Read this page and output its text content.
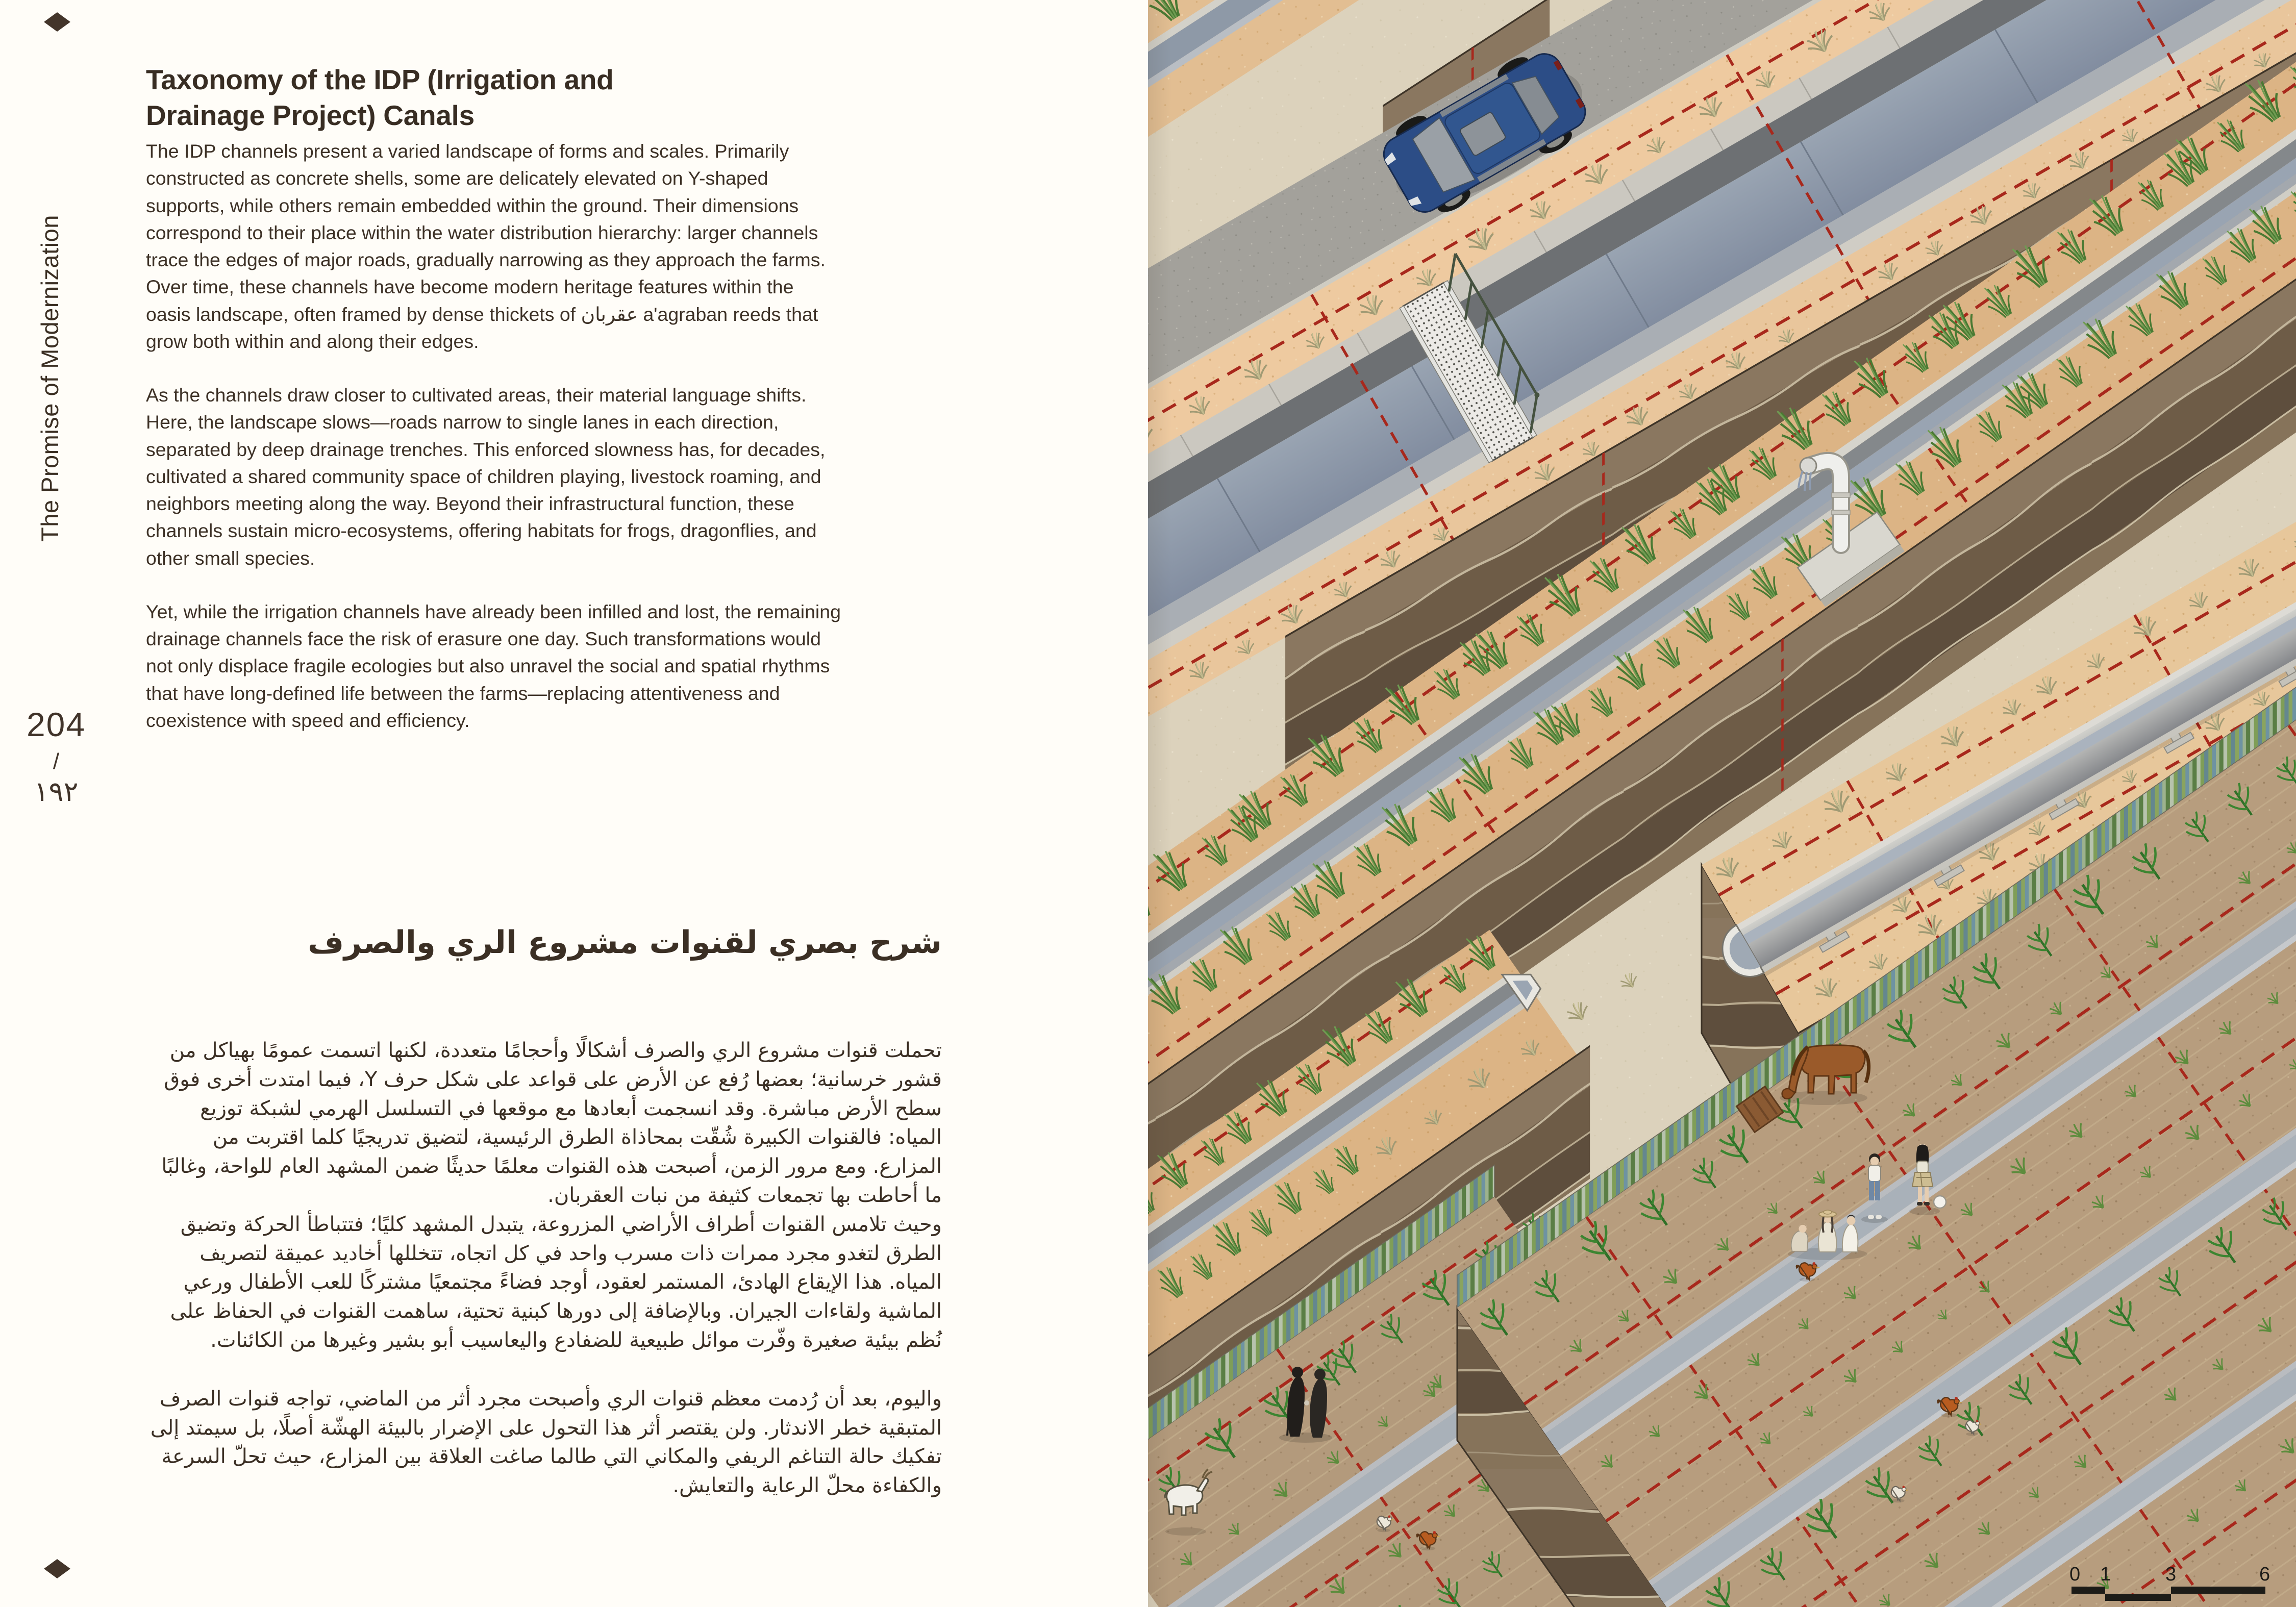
The Promise of Modernization
204
/
١٩٢
Taxonomy of the IDP (Irrigation and Drainage Project) Canals

The IDP channels present a varied landscape of forms and scales. Primarily constructed as concrete shells, some are delicately elevated on Y-shaped supports, while others remain embedded within the ground. Their dimensions correspond to their place within the water distribution hierarchy: larger channels trace the edges of major roads, gradually narrowing as they approach the farms. Over time, these channels have become modern heritage features within the oasis landscape, often framed by dense thickets of عقربان a'agraban reeds that grow both within and along their edges.

As the channels draw closer to cultivated areas, their material language shifts. Here, the landscape slows—roads narrow to single lanes in each direction, separated by deep drainage trenches. This enforced slowness has, for decades, cultivated a shared community space of children playing, livestock roaming, and neighbors meeting along the way. Beyond their infrastructural function, these channels sustain micro-ecosystems, offering habitats for frogs, dragonflies, and other small species.

Yet, while the irrigation channels have already been infilled and lost, the remaining drainage channels face the risk of erasure one day. Such transformations would not only displace fragile ecologies but also unravel the social and spatial rhythms that have long-defined life between the farms—replacing attentiveness and coexistence with speed and efficiency.

شرح بصري لقنوات مشروع الري والصرف

تحملت قنوات مشروع الري والصرف أشكالًا وأحجامًا متعددة، لكنها اتسمت عمومًا بهياكل من قشور خرسانية؛ بعضها رُفع عن الأرض على قواعد على شكل حرف Y، فيما امتدت أخرى فوق سطح الأرض مباشرة. وقد انسجمت أبعادها مع موقعها في التسلسل الهرمي لشبكة توزيع المياه: فالقنوات الكبيرة شُقّت بمحاذاة الطرق الرئيسية، لتضيق تدريجيًا كلما اقتربت من المزارع. ومع مرور الزمن، أصبحت هذه القنوات معلمًا حديثًا ضمن المشهد العام للواحة، وغالبًا ما أحاطت بها تجمعات كثيفة من نبات العقربان.

وحيث تلامس القنوات أطراف الأراضي المزروعة، يتبدل المشهد كليًا؛ فتتباطأ الحركة وتضيق الطرق لتغدو مجرد ممرات ذات مسرب واحد في كل اتجاه، تتخللها أخاديد عميقة لتصريف المياه. هذا الإيقاع الهادئ، المستمر لعقود، أوجد فضاءً مجتمعيًا مشتركًا للعب الأطفال ورعي الماشية ولقاءات الجيران. وبالإضافة إلى دورها كبنية تحتية، ساهمت القنوات في الحفاظ على نُظم بيئية صغيرة وفّرت موائل طبيعية للضفادع واليعاسيب أبو بشير وغيرها من الكائنات.

واليوم، بعد أن رُدمت معظم قنوات الري وأصبحت مجرد أثر من الماضي، تواجه قنوات الصرف المتبقية خطر الاندثار. ولن يقتصر أثر هذا التحول على الإضرار بالبيئة الهشّة أصلًا، بل سيمتد إلى تفكيك حالة التناغم الريفي والمكاني التي طالما صاغت العلاقة بين المزارع، حيث تحلّ السرعة والكفاءة محلّ الرعاية والتعايش.

0 1	3	6
